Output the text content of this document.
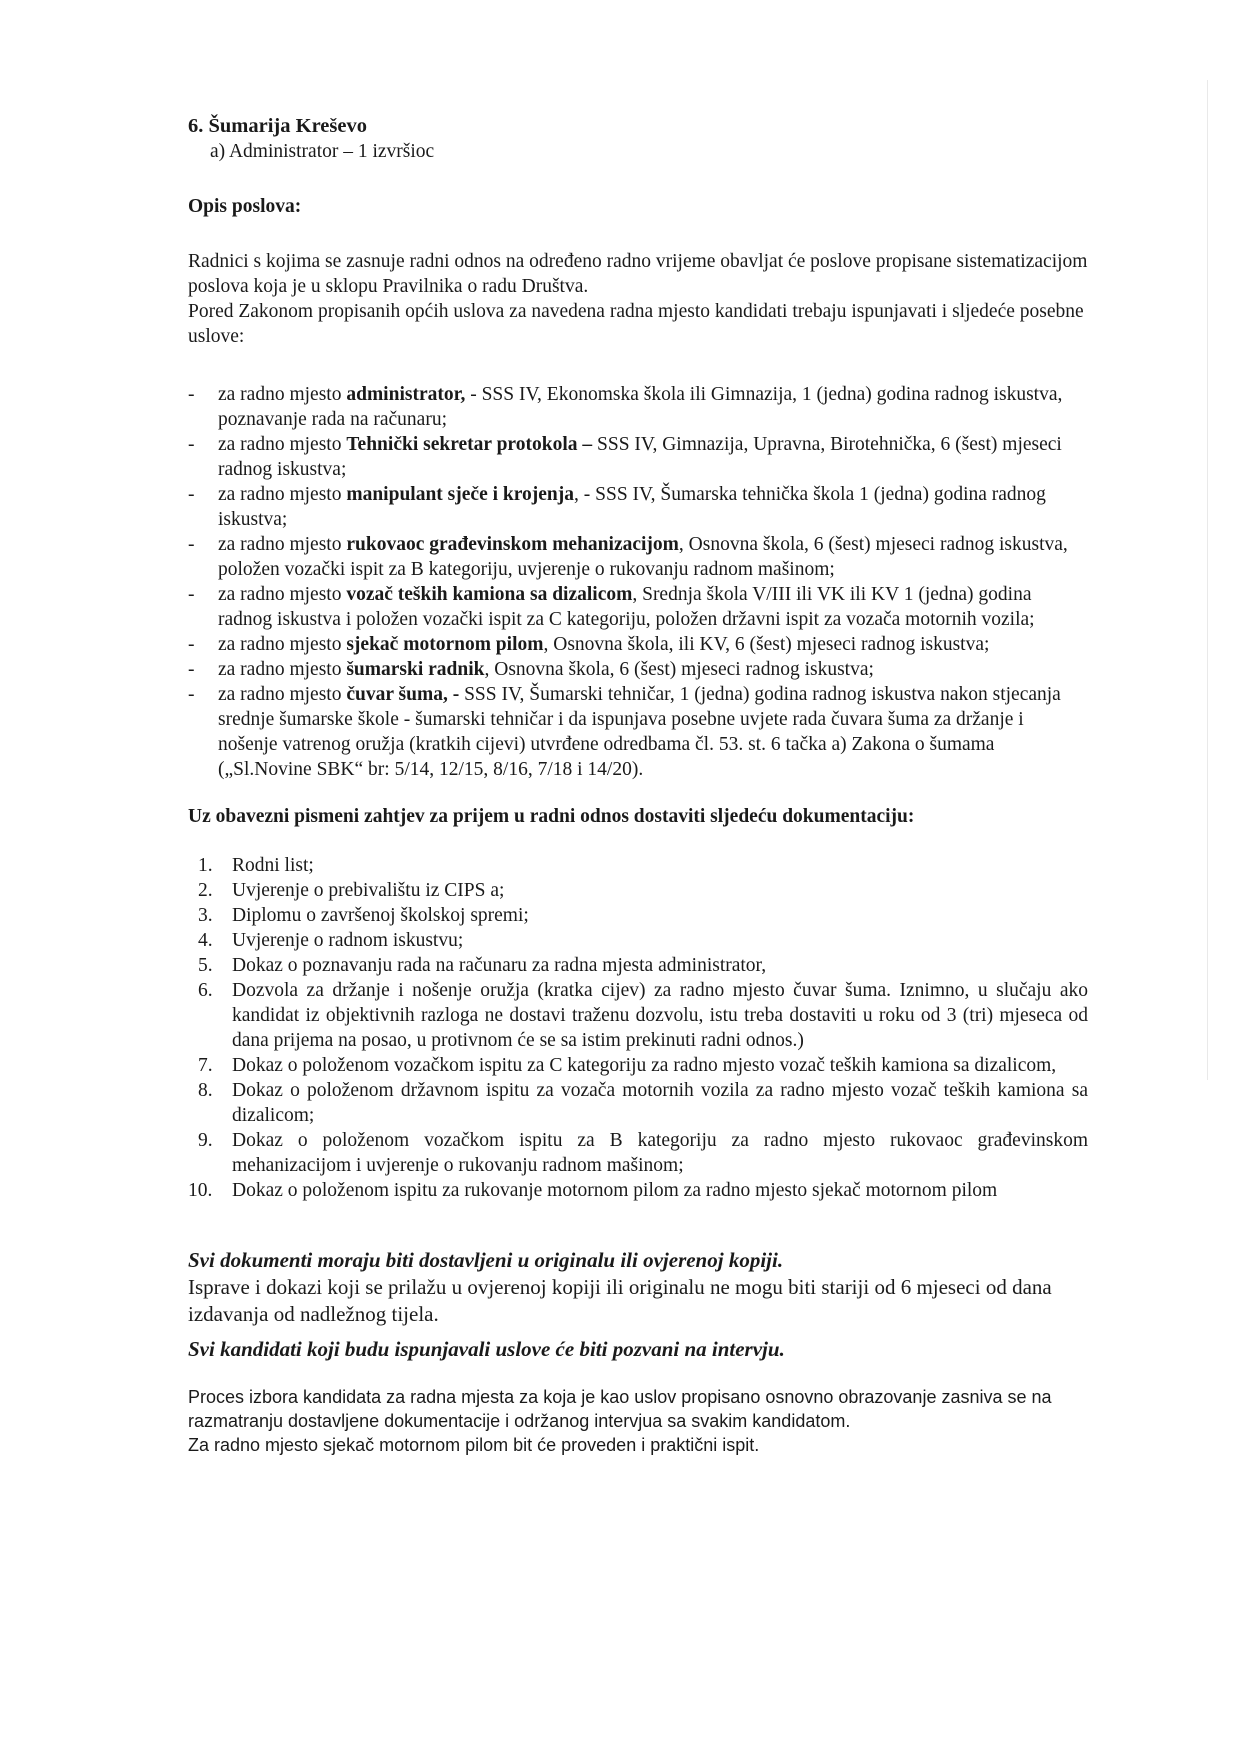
6. Šumarija Kreševo
a) Administrator – 1 izvršioc
Opis poslova:

Radnici s kojima se zasnuje radni odnos na određeno radno vrijeme obavljat će poslove propisane sistematizacijom poslova koja je u sklopu Pravilnika o radu Društva.

Pored Zakonom propisanih općih uslova za navedena radna mjesto kandidati trebaju ispunjavati i sljedeće posebne uslove:

- za radno mjesto administrator, - SSS IV, Ekonomska škola ili Gimnazija, 1 (jedna) godina radnog iskustva, poznavanje rada na računaru;
- za radno mjesto Tehnički sekretar protokola – SSS IV, Gimnazija, Upravna, Birotehnička, 6 (šest) mjeseci radnog iskustva;
- za radno mjesto manipulant sječe i krojenja, - SSS IV, Šumarska tehnička škola 1 (jedna) godina radnog iskustva;
- za radno mjesto rukovaoc građevinskom mehanizacijom, Osnovna škola, 6 (šest) mjeseci radnog iskustva, položen vozački ispit za B kategoriju, uvjerenje o rukovanju radnom mašinom;
- za radno mjesto vozač teških kamiona sa dizalicom, Srednja škola V/III ili VK ili KV 1 (jedna) godina radnog iskustva i položen vozački ispit za C kategoriju, položen državni ispit za vozača motornih vozila;
- za radno mjesto sjekač motornom pilom, Osnovna škola, ili KV, 6 (šest) mjeseci radnog iskustva;
- za radno mjesto šumarski radnik, Osnovna škola, 6 (šest) mjeseci radnog iskustva;
- za radno mjesto čuvar šuma, - SSS IV, Šumarski tehničar, 1 (jedna) godina radnog iskustva nakon stjecanja srednje šumarske škole - šumarski tehničar i da ispunjava posebne uvjete rada čuvara šuma za držanje i nošenje vatrenog oružja (kratkih cijevi) utvrđene odredbama čl. 53. st. 6 tačka a) Zakona o šumama („Sl.Novine SBK“ br: 5/14, 12/15, 8/16, 7/18 i 14/20).
Uz obavezni pismeni zahtjev za prijem u radni odnos dostaviti sljedeću dokumentaciju:
1. Rodni list;
2. Uvjerenje o prebivalištu iz CIPS a;
3. Diplomu o završenoj školskoj spremi;
4. Uvjerenje o radnom iskustvu;
5. Dokaz o poznavanju rada na računaru za radna mjesta administrator,
6. Dozvola za držanje i nošenje oružja (kratka cijev) za radno mjesto čuvar šuma. Iznimno, u slučaju ako kandidat iz objektivnih razloga ne dostavi traženu dozvolu, istu treba dostaviti u roku od 3 (tri) mjeseca od dana prijema na posao, u protivnom će se sa istim prekinuti radni odnos.)
7. Dokaz o položenom vozačkom ispitu za C kategoriju za radno mjesto vozač teških kamiona sa dizalicom,
8. Dokaz o položenom državnom ispitu za vozača motornih vozila za radno mjesto vozač teških kamiona sa dizalicom;
9. Dokaz o položenom vozačkom ispitu za B kategoriju za radno mjesto rukovaoc građevinskom mehanizacijom i uvjerenje o rukovanju radnom mašinom;
10. Dokaz o položenom ispitu za rukovanje motornom pilom za radno mjesto sjekač motornom pilom

Svi dokumenti moraju biti dostavljeni u originalu ili ovjerenoj kopiji.

Isprave i dokazi koji se prilažu u ovjerenoj kopiji ili originalu ne mogu biti stariji od 6 mjeseci od dana izdavanja od nadležnog tijela.

Svi kandidati koji budu ispunjavali uslove će biti pozvani na intervju.

Proces izbora kandidata za radna mjesta za koja je kao uslov propisano osnovno obrazovanje zasniva se na razmatranju dostavljene dokumentacije i održanog intervjua sa svakim kandidatom.

Za radno mjesto sjekač motornom pilom bit će proveden i praktični ispit.
